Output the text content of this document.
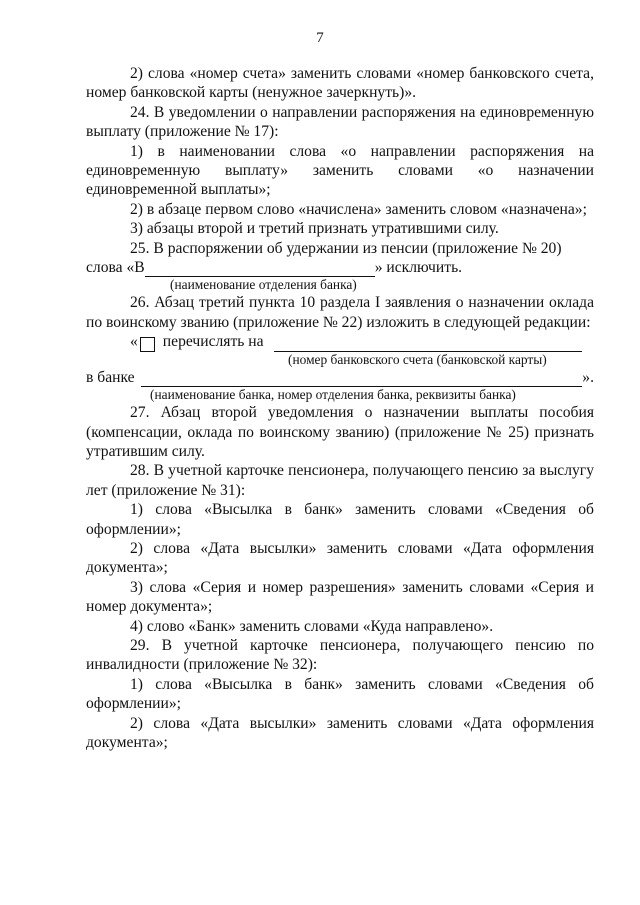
7

2) слова «номер счета» заменить словами «номер банковского счета, номер банковской карты (ненужное зачеркнуть)».

24. В уведомлении о направлении распоряжения на единовременную выплату (приложение № 17):

1) в наименовании слова «о направлении распоряжения на единовременную выплату» заменить словами «о назначении единовременной выплаты»;

2) в абзаце первом слово «начислена» заменить словом «назначена»;

3) абзацы второй и третий признать утратившими силу.

25. В распоряжении об удержании из пенсии (приложение № 20)

слова «В	» исключить.

(наименование отделения банка)

26. Абзац третий пункта 10 раздела I заявления о назначении оклада по воинскому званию (приложение № 22) изложить в следующей редакции:

« перечислять на

(номер банковского счета (банковской карты)

в банке	».

(наименование банка, номер отделения банка, реквизиты банка)

27. Абзац второй уведомления о назначении выплаты пособия (компенсации, оклада по воинскому званию) (приложение № 25) признать утратившим силу.

28. В учетной карточке пенсионера, получающего пенсию за выслугу лет (приложение № 31):

1) слова «Высылка в банк» заменить словами «Сведения об оформлении»;

2) слова «Дата высылки» заменить словами «Дата оформления документа»;

3) слова «Серия и номер разрешения» заменить словами «Серия и номер документа»;

4) слово «Банк» заменить словами «Куда направлено».

29. В учетной карточке пенсионера, получающего пенсию по инвалидности (приложение № 32):

1) слова «Высылка в банк» заменить словами «Сведения об оформлении»;

2) слова «Дата высылки» заменить словами «Дата оформления документа»;
